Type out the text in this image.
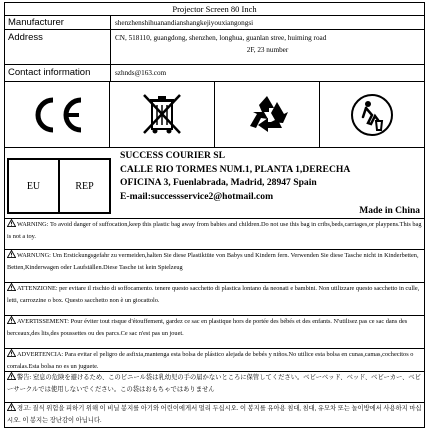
Projector Screen 80 Inch
Manufacturer	shenzhenshihuanandianshangkejiyouxiangongsi
Address	CN, 518110, guangdong, shenzhen, longhua, guanlan stree, huiming road
2F, 23 number
Contact information	szhnds@163.com
EU	REP
SUCCESS COURIER SL
CALLE RIO TORMES NUM.1, PLANTA 1,DERECHA
OFICINA 3, Fuenlabrada, Madrid, 28947 Spain
E-mail:successservice2@hotmail.com
Made in China
WARNING: To avoid danger of suffocation,keep this plastic bag away from babies and children.Do not use this bag in cribs,beds,carriages,or playpens.This bag is not a toy.
WARNUNG: Um Erstickungsgefahr zu vermeiden,halten Sie diese Plastiktüte von Babys und Kindern fern. Verwenden Sie diese Tasche nicht in Kinderbetten, Betten,Kinderwagen oder Laufställen.Diese Tasche ist kein Spielzeug
ATTENZIONE: per evitare il rischio di soffocamento. tenere questo sacchetto di plastica lontano da neonati e bambini. Non utilizzare questo sacchetto in culle, letti, carrozzine o box. Questo sacchetto non è un giocattolo.
AVERTISSEMENT: Pour éviter tout risque d'étouffement, gardez ce sac en plastique hors de portée des bébés et des enfants. N'utilisez pas ce sac dans des berceaux,des lits,des poussettes ou des parcs.Ce sac n'est pas un jouet.
ADVERTENCIA: Para evitar el peligro de asfixia,mantenga esta bolsa de plástico alejada de bebés y niños.No utilice esta bolsa en cunas,camas,cochecitos o corralas.Esta bolsa no es un juguete.
警告: 窒息の危険を避けるため、このビニール袋は乳幼児の手の届かないところに保管してください。ベビーベッド、ベッド、ベビーカー、ベビーサークルでは使用しないでください。この袋はおもちゃではありません
경고: 질식 위험을 피하기 위해 이 비닐 봉지를 아기와 어린이에게서 멀리 두십시오. 이 봉지를 유아용 침대, 침대, 유모차 또는 놀이방에서 사용하지 마십시오. 이 봉지는 장난감이 아닙니다.
